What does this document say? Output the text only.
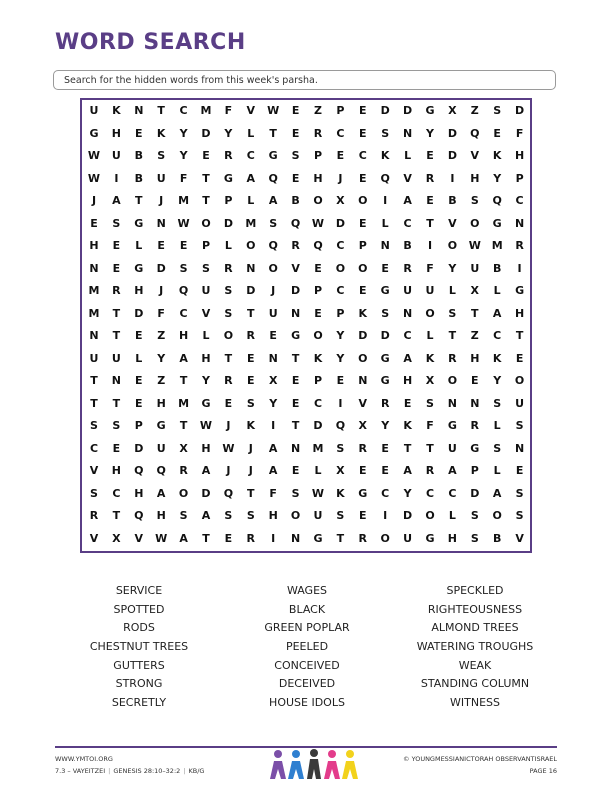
WORD SEARCH
Search for the hidden words from this week's parsha.
U	K	N	T	C	M	F	V	W	E	Z	P	E	D	D	G	X	Z	S	D
G	H	E	K	Y	D	Y	L	T	E	R	C	E	S	N	Y	D	Q	E	F
W	U	B	S	Y	E	R	C	G	S	P	E	C	K	L	E	D	V	K	H
W	I	B	U	F	T	G	A	Q	E	H	J	E	Q	V	R	I	H	Y	P
J	A	T	J	M	T	P	L	A	B	O	X	O	I	A	E	B	S	Q	C
E	S	G	N	W	O	D	M	S	Q	W	D	E	L	C	T	V	O	G	N
H	E	L	E	E	P	L	O	Q	R	Q	C	P	N	B	I	O	W M	R
N	E	G	D	S	S	R	N	O	V	E	O	O	E	R	F	Y	U	B	I
M	R	H	J	Q	U	S	D	J	D	P	C	E	G	U	U	L	X	L	G
M	T	D	F	C	V	S	T	U	N	E	P	K	S	N	O	S	T	A	H
N	T	E	Z	H	L	O	R	E	G	O	Y	D	D	C	L	T	Z	C	T
U	U	L	Y	A	H	T	E	N	T	K	Y	O	G	A	K	R	H	K	E
T	N	E	Z	T	Y	R	E	X	E	P	E	N	G	H	X	O	E	Y	O
T	T	E	H	M	G	E	S	Y	E	C	I	V	R	E	S	N	N	S	U
S	S	P	G	T	W	J	K	I	T	D	Q	X	Y	K	F	G	R	L	S
C	E	D	U	X	H	W	J	A	N	M	S	R	E	T	T	U	G	S	N
V	H	Q	Q	R	A	J	J	A	E	L	X	E	E	A	R	A	P	L	E
S	C	H	A	O	D	Q	T	F	S	W	K	G	C	Y	C	C	D	A	S
R	T	Q	H	S	A	S	S	H	O	U	S	E	I	D	O	L	S	O	S
V	X	V	W	A	T	E	R	I	N	G	T	R	O	U	G	H	S	B	V
SERVICE	WAGES	SPECKLED
SPOTTED	BLACK	RIGHTEOUSNESS
RODS	GREEN POPLAR	ALMOND TREES
CHESTNUT TREES	PEELED	WATERING TROUGHS
GUTTERS	CONCEIVED	WEAK
STRONG	DECEIVED	STANDING COLUMN
SECRETLY	HOUSE IDOLS	WITNESS
WWW.YMTOI.ORG
7.3 – VAYEITZEI | GENESIS 28:10–32:2 | KB/G
© YOUNGMESSIANICTORAH OBSERVANTISRAEL
PAGE 16
